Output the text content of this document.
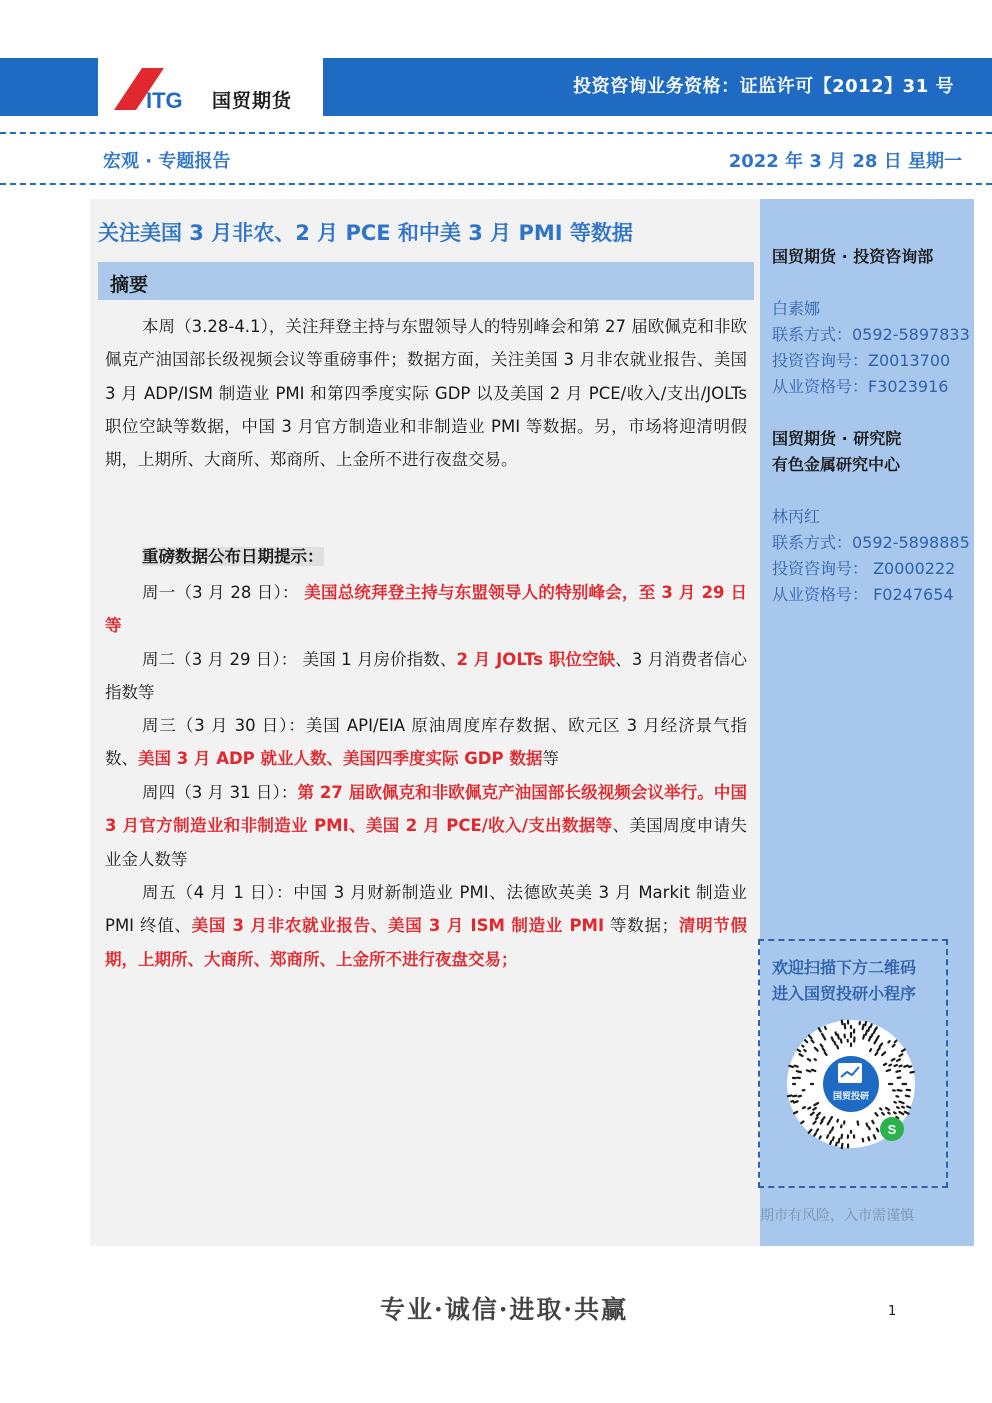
ITG 国贸期货
投资咨询业务资格：证监许可【2012】31 号
宏观 · 专题报告	2022 年 3 月 28 日 星期一
关注美国 3 月非农、2 月 PCE 和中美 3 月 PMI 等数据
摘要
本周（3.28-4.1），关注拜登主持与东盟领导人的特别峰会和第 27 届欧佩克和非欧佩克产油国部长级视频会议等重磅事件；数据方面，关注美国 3 月非农就业报告、美国 3 月 ADP/ISM 制造业 PMI 和第四季度实际 GDP 以及美国 2 月 PCE/收入/支出/JOLTs 职位空缺等数据，中国 3 月官方制造业和非制造业 PMI 等数据。另，市场将迎清明假期，上期所、大商所、郑商所、上金所不进行夜盘交易。
重磅数据公布日期提示：
周一（3 月 28 日）： 美国总统拜登主持与东盟领导人的特别峰会，至 3 月 29 日等
周二（3 月 29 日）： 美国 1 月房价指数、2 月 JOLTs 职位空缺、3 月消费者信心指数等
周三（3 月 30 日）：美国 API/EIA 原油周度库存数据、欧元区 3 月经济景气指数、美国 3 月 ADP 就业人数、美国四季度实际 GDP 数据等
周四（3 月 31 日）：第 27 届欧佩克和非欧佩克产油国部长级视频会议举行。中国 3 月官方制造业和非制造业 PMI、美国 2 月 PCE/收入/支出数据等、美国周度申请失业金人数等
周五（4 月 1 日）：中国 3 月财新制造业 PMI、法德欧英美 3 月 Markit 制造业 PMI 终值、美国 3 月非农就业报告、美国 3 月 ISM 制造业 PMI 等数据；清明节假期，上期所、大商所、郑商所、上金所不进行夜盘交易；
国贸期货 · 投资咨询部
白素娜
联系方式：0592-5897833
投资咨询号：Z0013700
从业资格号：F3023916
国贸期货 · 研究院
有色金属研究中心
林丙红
联系方式：0592-5898885
投资咨询号： Z0000222
从业资格号： F0247654
欢迎扫描下方二维码
进入国贸投研小程序
国贸投研
S
期市有风险，入市需谨慎
专业·诚信·进取·共赢	1
